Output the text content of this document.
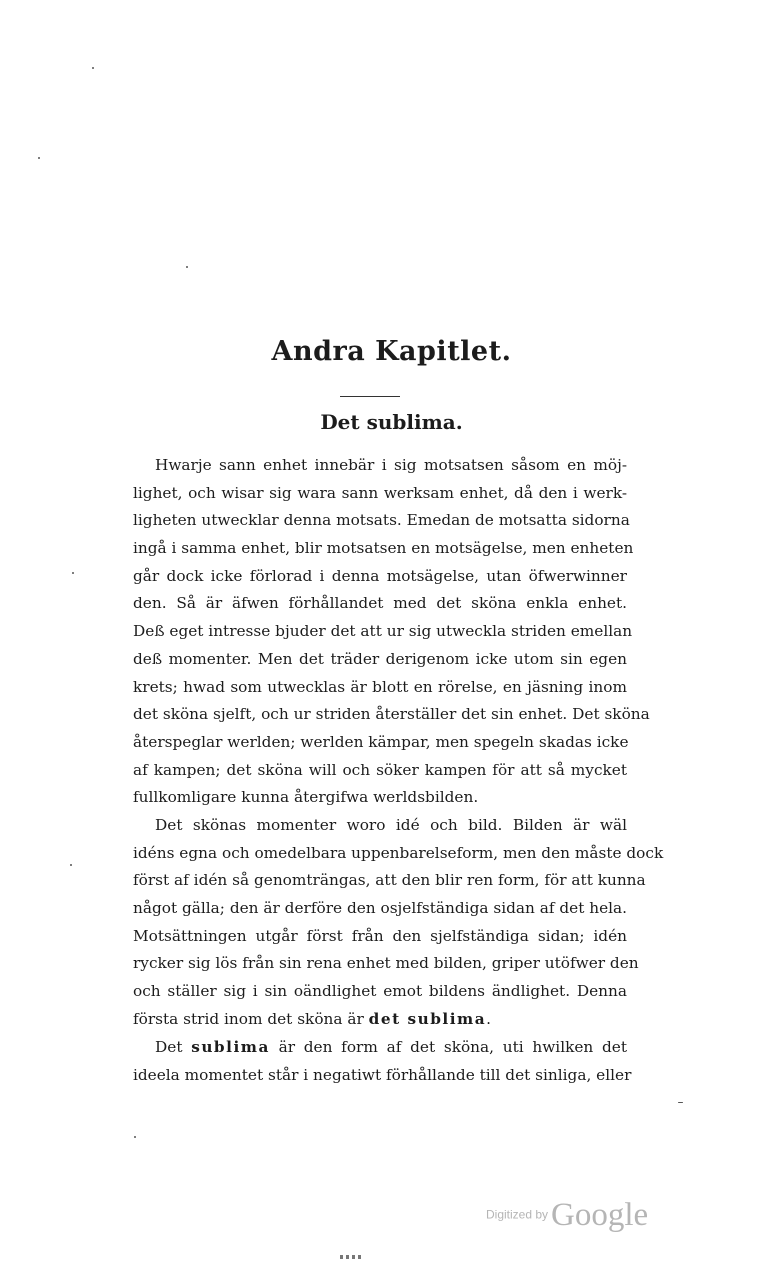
Andra Kapitlet.
Det sublima.
Hwarje sann enhet innebär i sig motsatsen såsom en möj-
lighet, och wisar sig wara sann werksam enhet, då den i werk-
ligheten utwecklar denna motsats. Emedan de motsatta sidorna
ingå i samma enhet, blir motsatsen en motsägelse, men enheten
går dock icke förlorad i denna motsägelse, utan öfwerwinner
den. Så är äfwen förhållandet med det sköna enkla enhet.
Deß eget intresse bjuder det att ur sig utweckla striden emellan
deß momenter. Men det träder derigenom icke utom sin egen
krets; hwad som utwecklas är blott en rörelse, en jäsning inom
det sköna sjelft, och ur striden återställer det sin enhet. Det sköna
återspeglar werlden; werlden kämpar, men spegeln skadas icke
af kampen; det sköna will och söker kampen för att så mycket
fullkomligare kunna återgifwa werldsbilden.
Det skönas momenter woro idé och bild. Bilden är wäl
idéns egna och omedelbara uppenbarelseform, men den måste dock
först af idén så genomträngas, att den blir ren form, för att kunna
något gälla; den är derföre den osjelfständiga sidan af det hela.
Motsättningen utgår först från den sjelfständiga sidan; idén
rycker sig lös från sin rena enhet med bilden, griper utöfwer den
och ställer sig i sin oändlighet emot bildens ändlighet. Denna
första strid inom det sköna är det sublima.
Det sublima är den form af det sköna, uti hwilken det
ideela momentet står i negatiwt förhållande till det sinliga, eller
Digitized byGoogle
